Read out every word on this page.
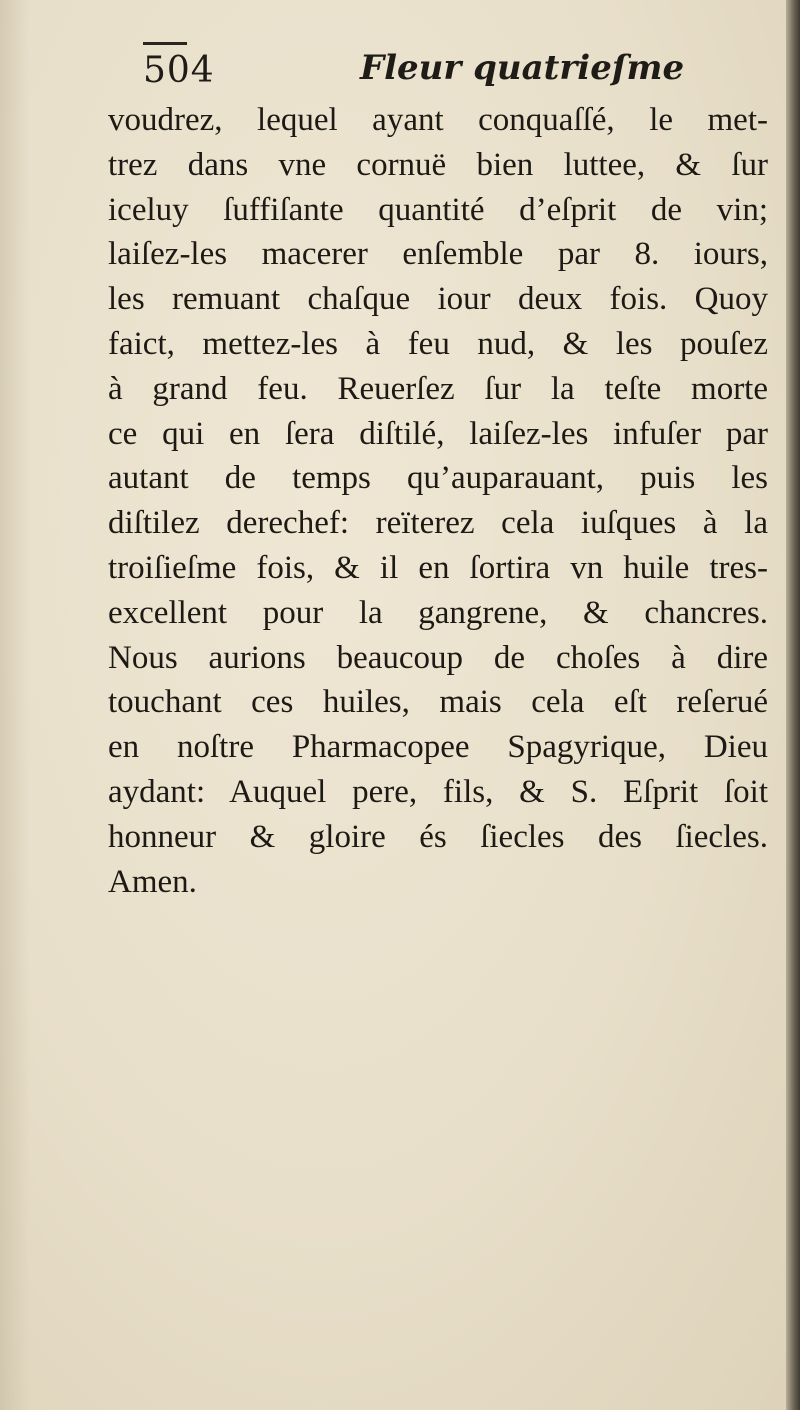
504	Fleur quatrieſme
voudrez, lequel ayant conquaſſé, le met-
trez dans vne cornuë bien luttee, & ſur
iceluy ſuffiſante quantité d’eſprit de vin;
laiſez-les macerer enſemble par 8. iours,
les remuant chaſque iour deux fois. Quoy
faict, mettez-les à feu nud, & les pouſez
à grand feu. Reuerſez ſur la teſte morte
ce qui en ſera diſtilé, laiſez-les infuſer par
autant de temps qu’auparauant, puis les
diſtilez derechef: reïterez cela iuſques à la
troiſieſme fois, & il en ſortira vn huile tres-
excellent pour la gangrene, & chancres.
Nous aurions beaucoup de choſes à dire
touchant ces huiles, mais cela eſt reſerué
en noſtre Pharmacopee Spagyrique, Dieu
aydant: Auquel pere, fils, & S. Eſprit ſoit
honneur & gloire és ſiecles des ſiecles.
Amen.
